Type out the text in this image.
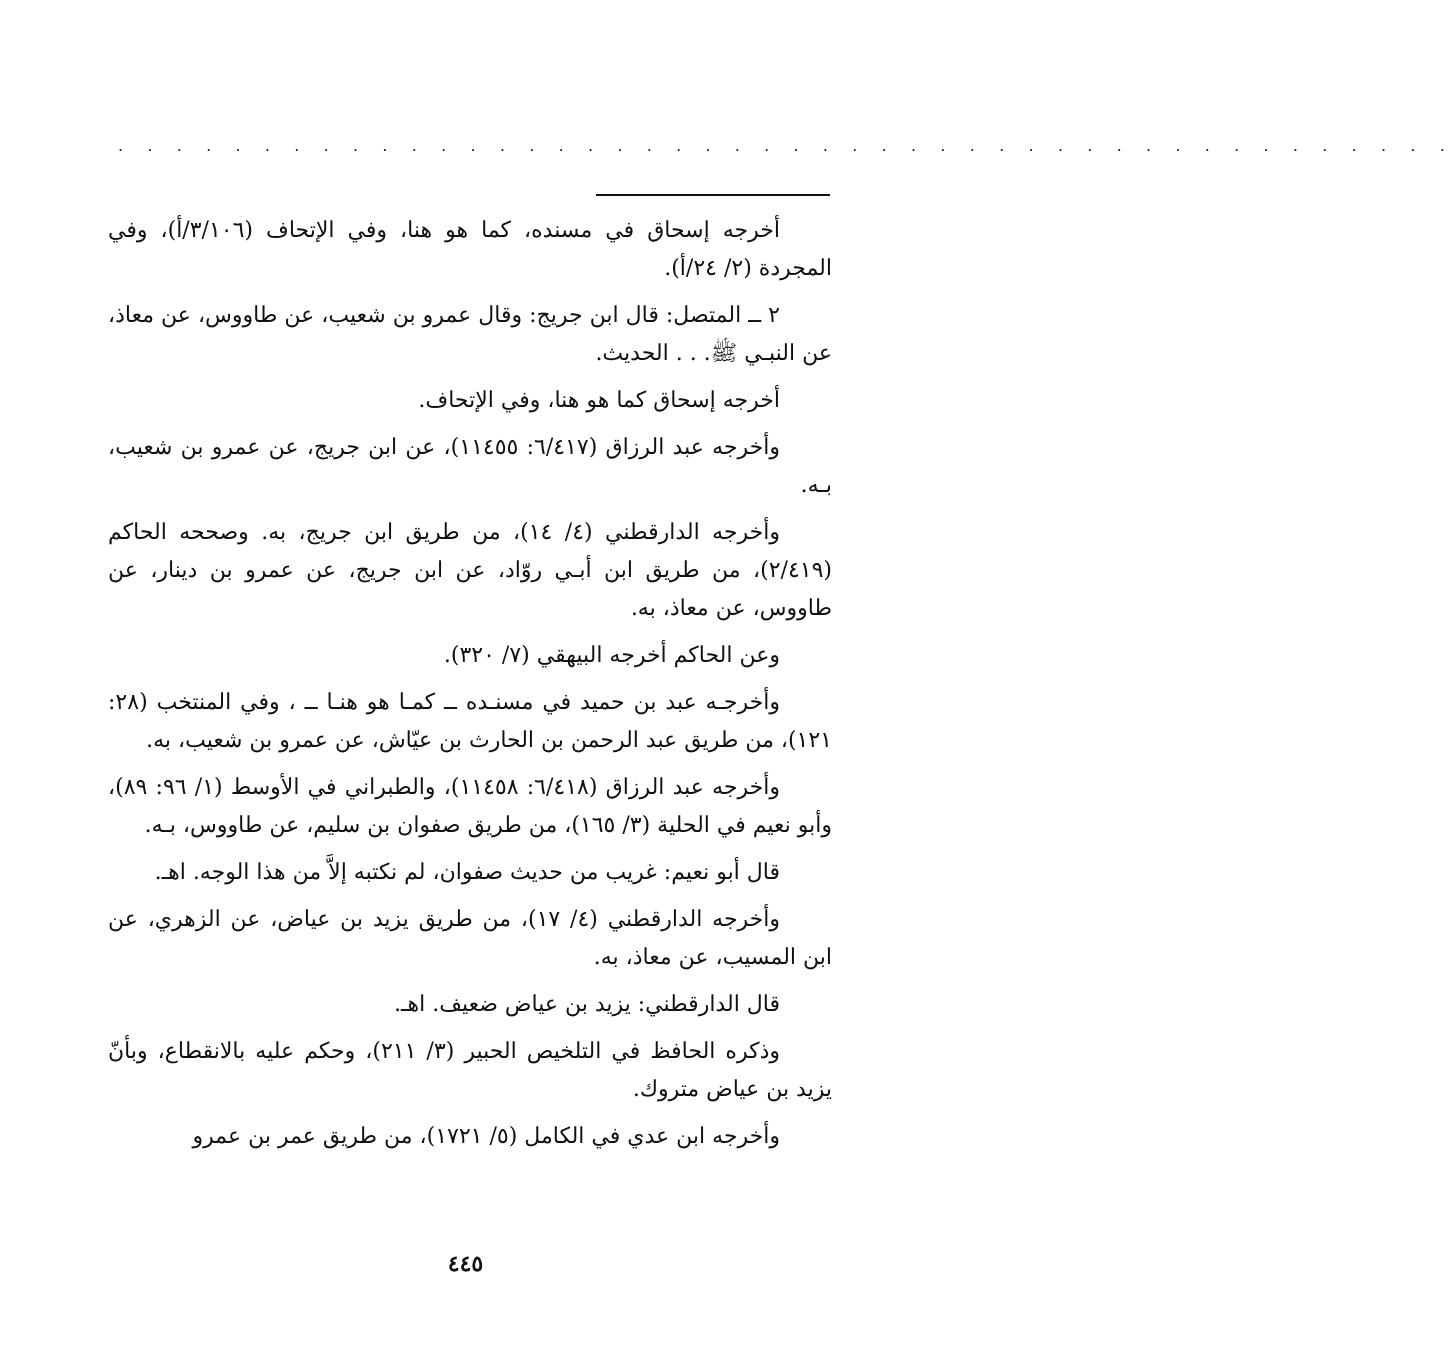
. . . . . . . . . . . . . . . . . . . . . . . . . . . . . . . . . . . . . . . . . . . . . .

أخرجه إسحاق في مسنده، كما هو هنا، وفي الإتحاف (٣/١٠٦/أ)، وفي المجردة (٢/ ٢٤/أ).

٢ ــ المتصل: قال ابن جريج: وقال عمرو بن شعيب، عن طاووس، عن معاذ، عن النبـي ﷺ. . . الحديث.

أخرجه إسحاق كما هو هنا، وفي الإتحاف.

وأخرجه عبد الرزاق (٦/٤١٧: ١١٤٥٥)، عن ابن جريج، عن عمرو بن شعيب، بـه.

وأخرجه الدارقطني (٤/ ١٤)، من طريق ابن جريج، به. وصححه الحاكم (٢/٤١٩)، من طريق ابن أبـي روّاد، عن ابن جريج، عن عمرو بن دينار، عن طاووس، عن معاذ، به.

وعن الحاكم أخرجه البيهقي (٧/ ٣٢٠).

وأخرجـه عبد بن حميد في مسنـده ــ كمـا هو هنـا ــ ، وفي المنتخب (٢٨: ١٢١)، من طريق عبد الرحمن بن الحارث بن عيّاش، عن عمرو بن شعيب، به.

وأخرجه عبد الرزاق (٦/٤١٨: ١١٤٥٨)، والطبراني في الأوسط (١/ ٩٦: ٨٩)، وأبو نعيم في الحلية (٣/ ١٦٥)، من طريق صفوان بن سليم، عن طاووس، بـه.

قال أبو نعيم: غريب من حديث صفوان، لم نكتبه إلاَّ من هذا الوجه. اهـ.

وأخرجه الدارقطني (٤/ ١٧)، من طريق يزيد بن عياض، عن الزهري، عن ابن المسيب، عن معاذ، به.

قال الدارقطني: يزيد بن عياض ضعيف. اهـ.

وذكره الحافظ في التلخيص الحبير (٣/ ٢١١)، وحكم عليه بالانقطاع، وبأنّ يزيد بن عياض متروك.

وأخرجه ابن عدي في الكامل (٥/ ١٧٢١)، من طريق عمر بن عمرو

٤٤٥
